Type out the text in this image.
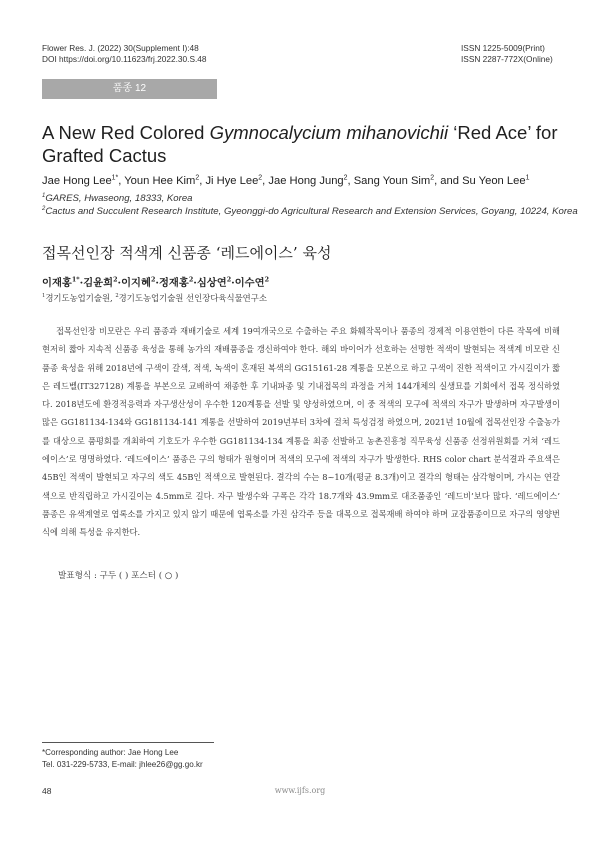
Flower Res. J. (2022) 30(Supplement I):48
DOI https://doi.org/10.11623/frj.2022.30.S.48
ISSN 1225-5009(Print)
ISSN 2287-772X(Online)
품종 12
A New Red Colored Gymnocalycium mihanovichii ‘Red Ace’ for Grafted Cactus
Jae Hong Lee$^{1*}$, Youn Hee Kim$^2$, Ji Hye Lee$^2$, Jae Hong Jung$^2$, Sang Youn Sim$^2$, and Su Yeon Lee$^1$
$^1$GARES, Hwaseong, 18333, Korea
$^2$Cactus and Succulent Research Institute, Gyeonggi-do Agricultural Research and Extension Services, Goyang, 10224, Korea
접목선인장 적색계 신품종 ‘레드에이스’ 육성
이재홍$^{1*}$·김윤희$^2$·이지혜$^2$·정재홍$^2$·심상연$^2$·이수연$^2$
$^1$경기도농업기술원, $^2$경기도농업기술원 선인장다육식물연구소

접목선인장 비모란은 우리 품종과 재배기술로 세계 19여개국으로 수출하는 주요 화훼작목이나 품종의 경제적 이용연한이 다른 작목에 비해 현저히 짧아 지속적 신품종 육성을 통해 농가의 재배품종을 갱신하여야 한다. 해외 바이어가 선호하는 선명한 적색이 발현되는 적색계 비모란 신품종 육성을 위해 2018년에 구색이 갈색, 적색, 녹색이 혼재된 복색의 GG15161-28 계통을 모본으로 하고 구색이 진한 적색이고 가시길이가 짧은 레드벨(IT327128) 계통을 부본으로 교배하여 채종한 후 기내파종 및 기내접목의 과정을 거쳐 144개체의 실생묘를 기회에서 접목 정식하였다. 2018년도에 환경적응력과 자구생산성이 우수한 120계통을 선발 및 양성하였으며, 이 중 적색의 모구에 적색의 자구가 발생하며 자구발생이 많은 GG181134-134와 GG181134-141 계통을 선발하여 2019년부터 3차에 걸쳐 특성검정 하였으며, 2021년 10월에 접목선인장 수출농가를 대상으로 품평회를 개최하여 기호도가 우수한 GG181134-134 계통을 최종 선발하고 농촌진흥청 직무육성 신품종 선정위원회를 거쳐 ‘레드에이스’로 명명하였다. ‘레드에이스’ 품종은 구의 형태가 원형이며 적색의 모구에 적색의 자구가 발생한다. RHS color chart 분석결과 주요색은 45B인 적색이 발현되고 자구의 색도 45B인 적색으로 발현된다. 결각의 수는 8~10개(평균 8.3개)이고 결각의 형태는 삼각형이며, 가시는 연갈색으로 반직립하고 가시길이는 4.5mm로 길다. 자구 발생수와 구폭은 각각 18.7개와 43.9mm로 대조품종인 ‘레드비’보다 많다. ‘레드에이스’ 품종은 유색계열로 엽록소를 가지고 있지 않기 때문에 엽록소를 가진 삼각주 등을 대목으로 접목재배 하여야 하며 교잡품종이므로 자구의 영양번식에 의해 특성을 유지한다.

발표형식 : 구두 ( ) 포스터 ( ○ )
*Corresponding author: Jae Hong Lee
Tel. 031-229-5733, E-mail: jhlee26@gg.go.kr
48	www.ijfs.org
